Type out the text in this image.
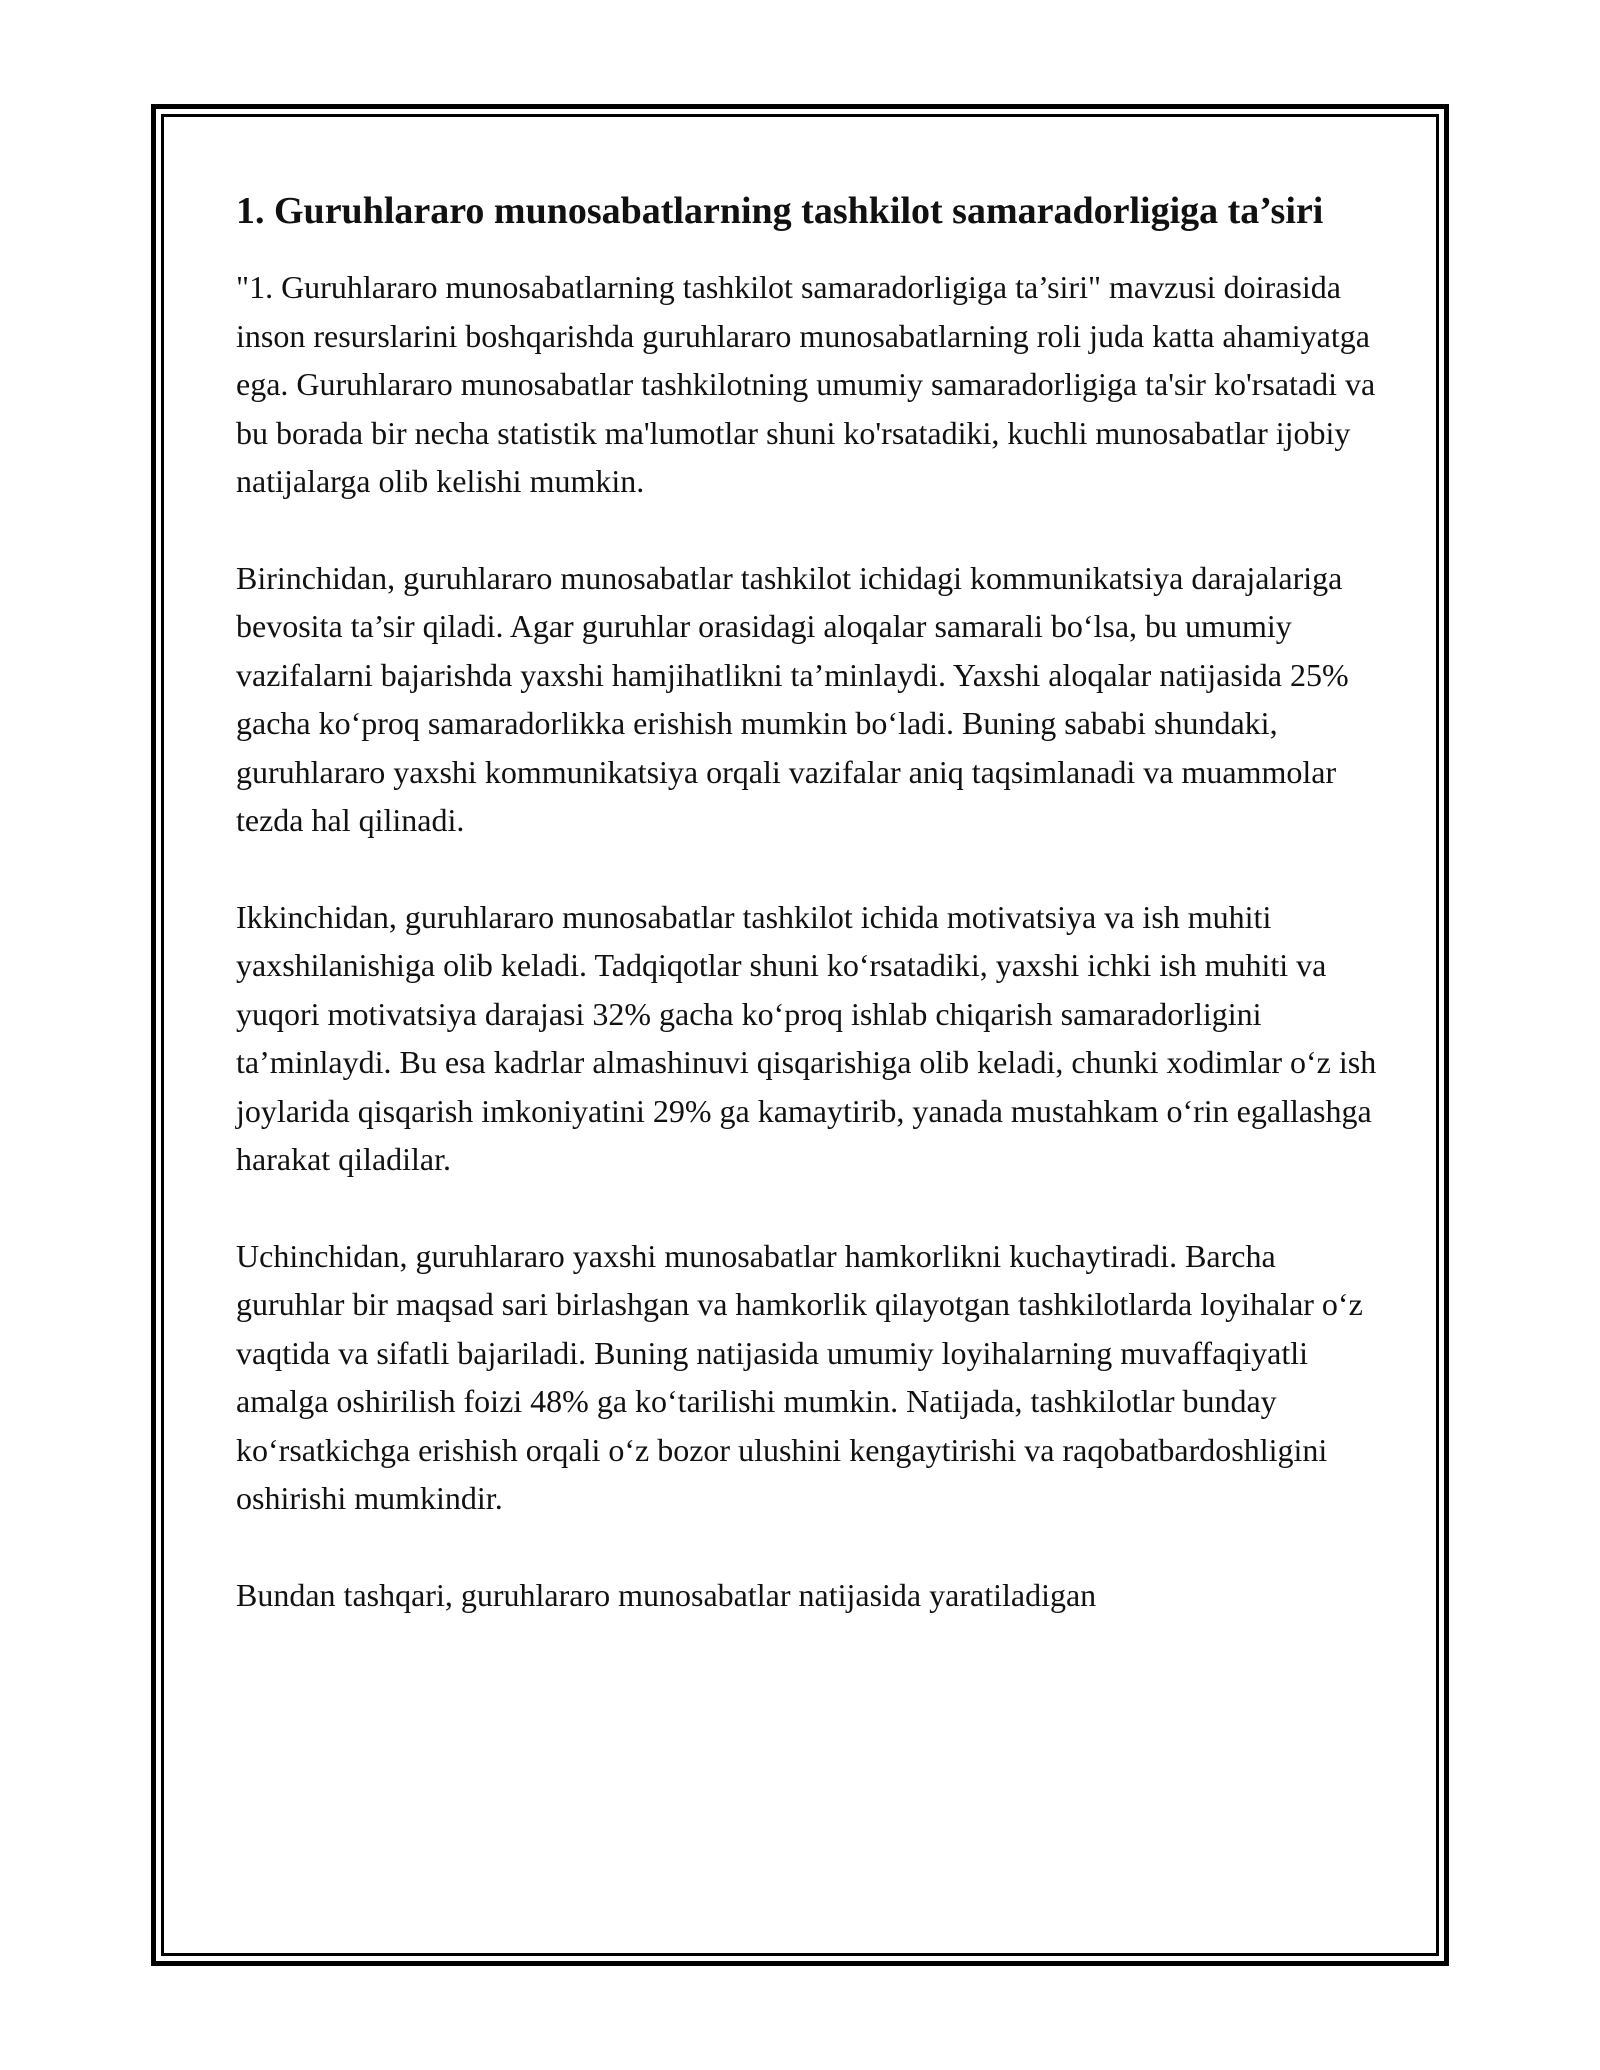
1. Guruhlararo munosabatlarning tashkilot samaradorligiga ta’siri

"1. Guruhlararo munosabatlarning tashkilot samaradorligiga ta’siri" mavzusi doirasida inson resurslarini boshqarishda guruhlararo munosabatlarning roli juda katta ahamiyatga ega. Guruhlararo munosabatlar tashkilotning umumiy samaradorligiga ta'sir ko'rsatadi va bu borada bir necha statistik ma'lumotlar shuni ko'rsatadiki, kuchli munosabatlar ijobiy natijalarga olib kelishi mumkin.

Birinchidan, guruhlararo munosabatlar tashkilot ichidagi kommunikatsiya darajalariga bevosita ta’sir qiladi. Agar guruhlar orasidagi aloqalar samarali bo‘lsa, bu umumiy vazifalarni bajarishda yaxshi hamjihatlikni ta’minlaydi. Yaxshi aloqalar natijasida 25% gacha ko‘proq samaradorlikka erishish mumkin bo‘ladi. Buning sababi shundaki, guruhlararo yaxshi kommunikatsiya orqali vazifalar aniq taqsimlanadi va muammolar tezda hal qilinadi.

Ikkinchidan, guruhlararo munosabatlar tashkilot ichida motivatsiya va ish muhiti yaxshilanishiga olib keladi. Tadqiqotlar shuni ko‘rsatadiki, yaxshi ichki ish muhiti va yuqori motivatsiya darajasi 32% gacha ko‘proq ishlab chiqarish samaradorligini ta’minlaydi. Bu esa kadrlar almashinuvi qisqarishiga olib keladi, chunki xodimlar o‘z ish joylarida qisqarish imkoniyatini 29% ga kamaytirib, yanada mustahkam o‘rin egallashga harakat qiladilar.

Uchinchidan, guruhlararo yaxshi munosabatlar hamkorlikni kuchaytiradi. Barcha guruhlar bir maqsad sari birlashgan va hamkorlik qilayotgan tashkilotlarda loyihalar o‘z vaqtida va sifatli bajariladi. Buning natijasida umumiy loyihalarning muvaffaqiyatli amalga oshirilish foizi 48% ga ko‘tarilishi mumkin. Natijada, tashkilotlar bunday ko‘rsatkichga erishish orqali o‘z bozor ulushini kengaytirishi va raqobatbardoshligini oshirishi mumkindir.

Bundan tashqari, guruhlararo munosabatlar natijasida yaratiladigan
